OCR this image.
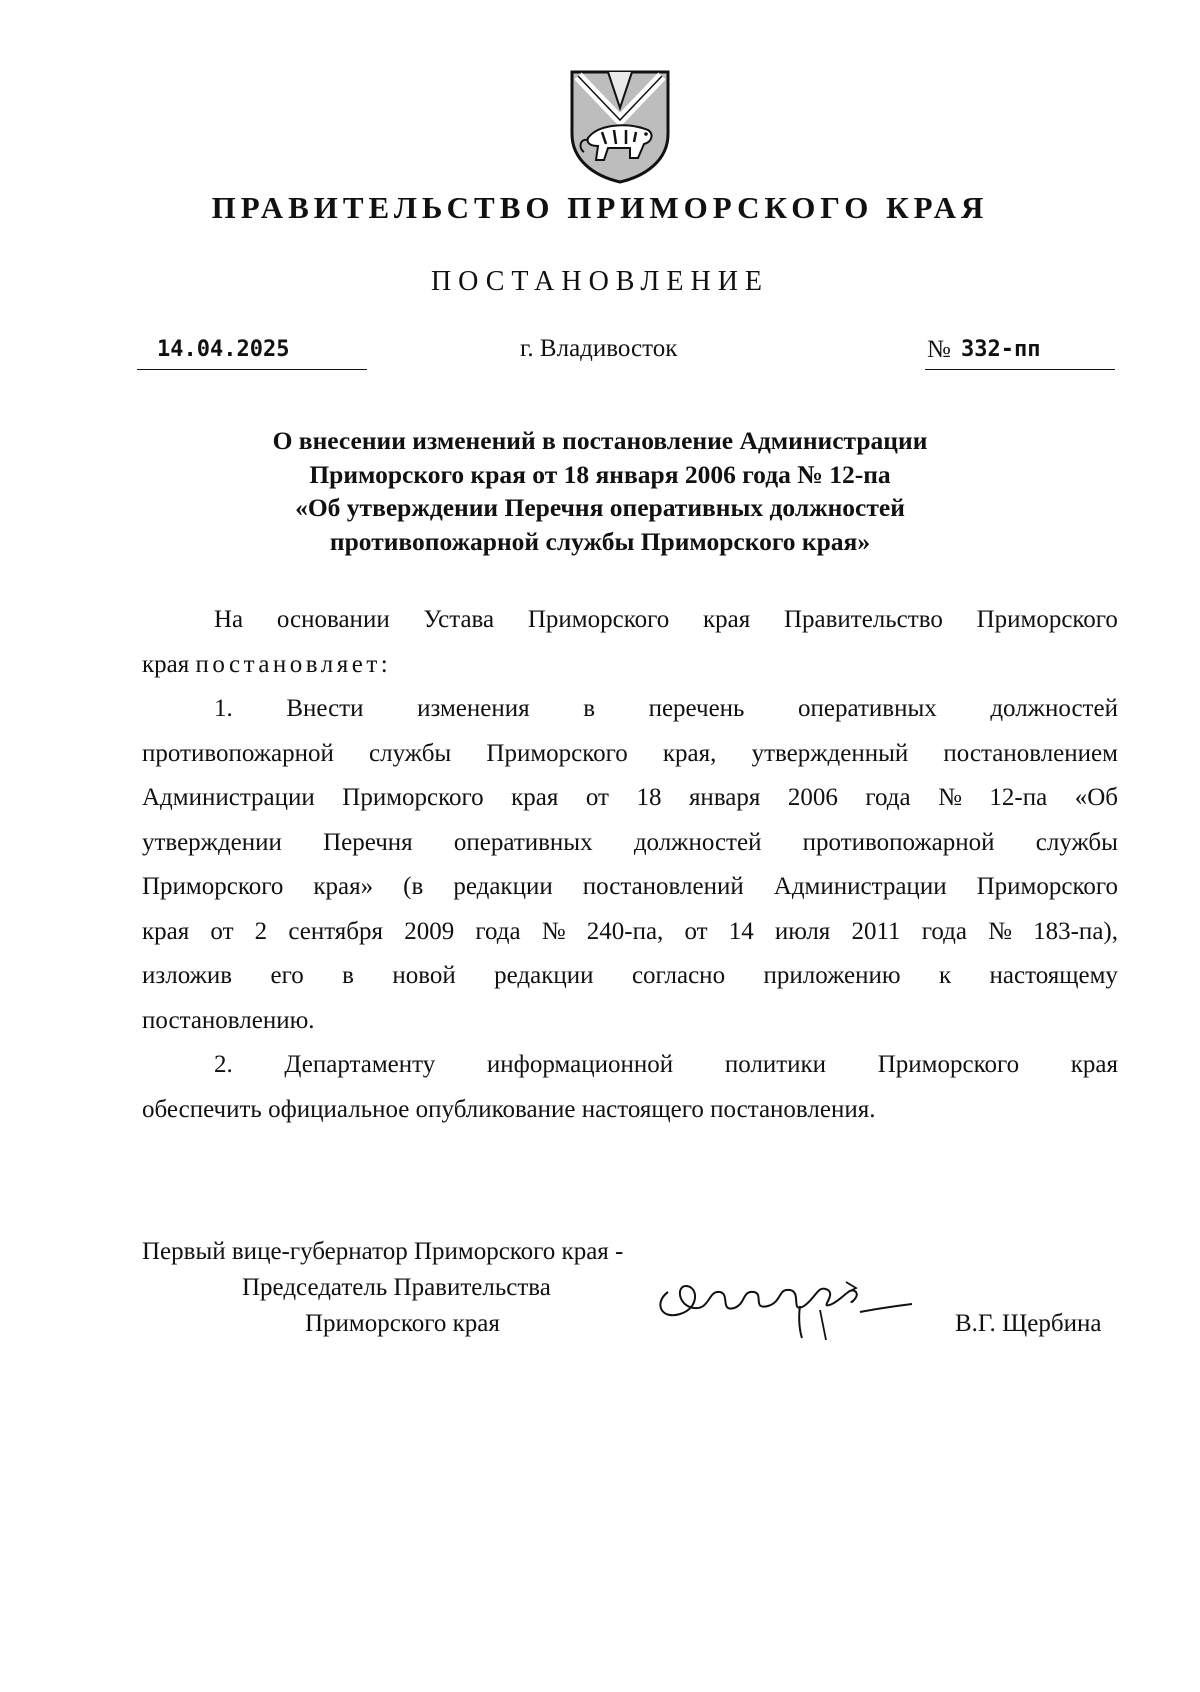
ПРАВИТЕЛЬСТВО ПРИМОРСКОГО КРАЯ
ПОСТАНОВЛЕНИЕ
14.04.2025	г. Владивосток	№ 332-пп
О внесении изменений в постановление Администрации
Приморского края от 18 января 2006 года № 12-па
«Об утверждении Перечня оперативных должностей
противопожарной службы Приморского края»
На основании Устава Приморского края Правительство Приморского
края
постановляет:
1. Внести изменения в перечень оперативных должностей
противопожарной службы Приморского края, утвержденный постановлением
Администрации Приморского края от 18 января 2006 года № 12-па «Об
утверждении Перечня оперативных должностей противопожарной службы
Приморского края» (в редакции постановлений Администрации Приморского
края от 2 сентября 2009 года № 240-па, от 14 июля 2011 года № 183-па),
изложив его в новой редакции согласно приложению к настоящему
постановлению.
2. Департаменту информационной политики Приморского края
обеспечить официальное опубликование настоящего постановления.
Первый вице-губернатор Приморского края -
Председатель Правительства
Приморского края	В.Г. Щербина
